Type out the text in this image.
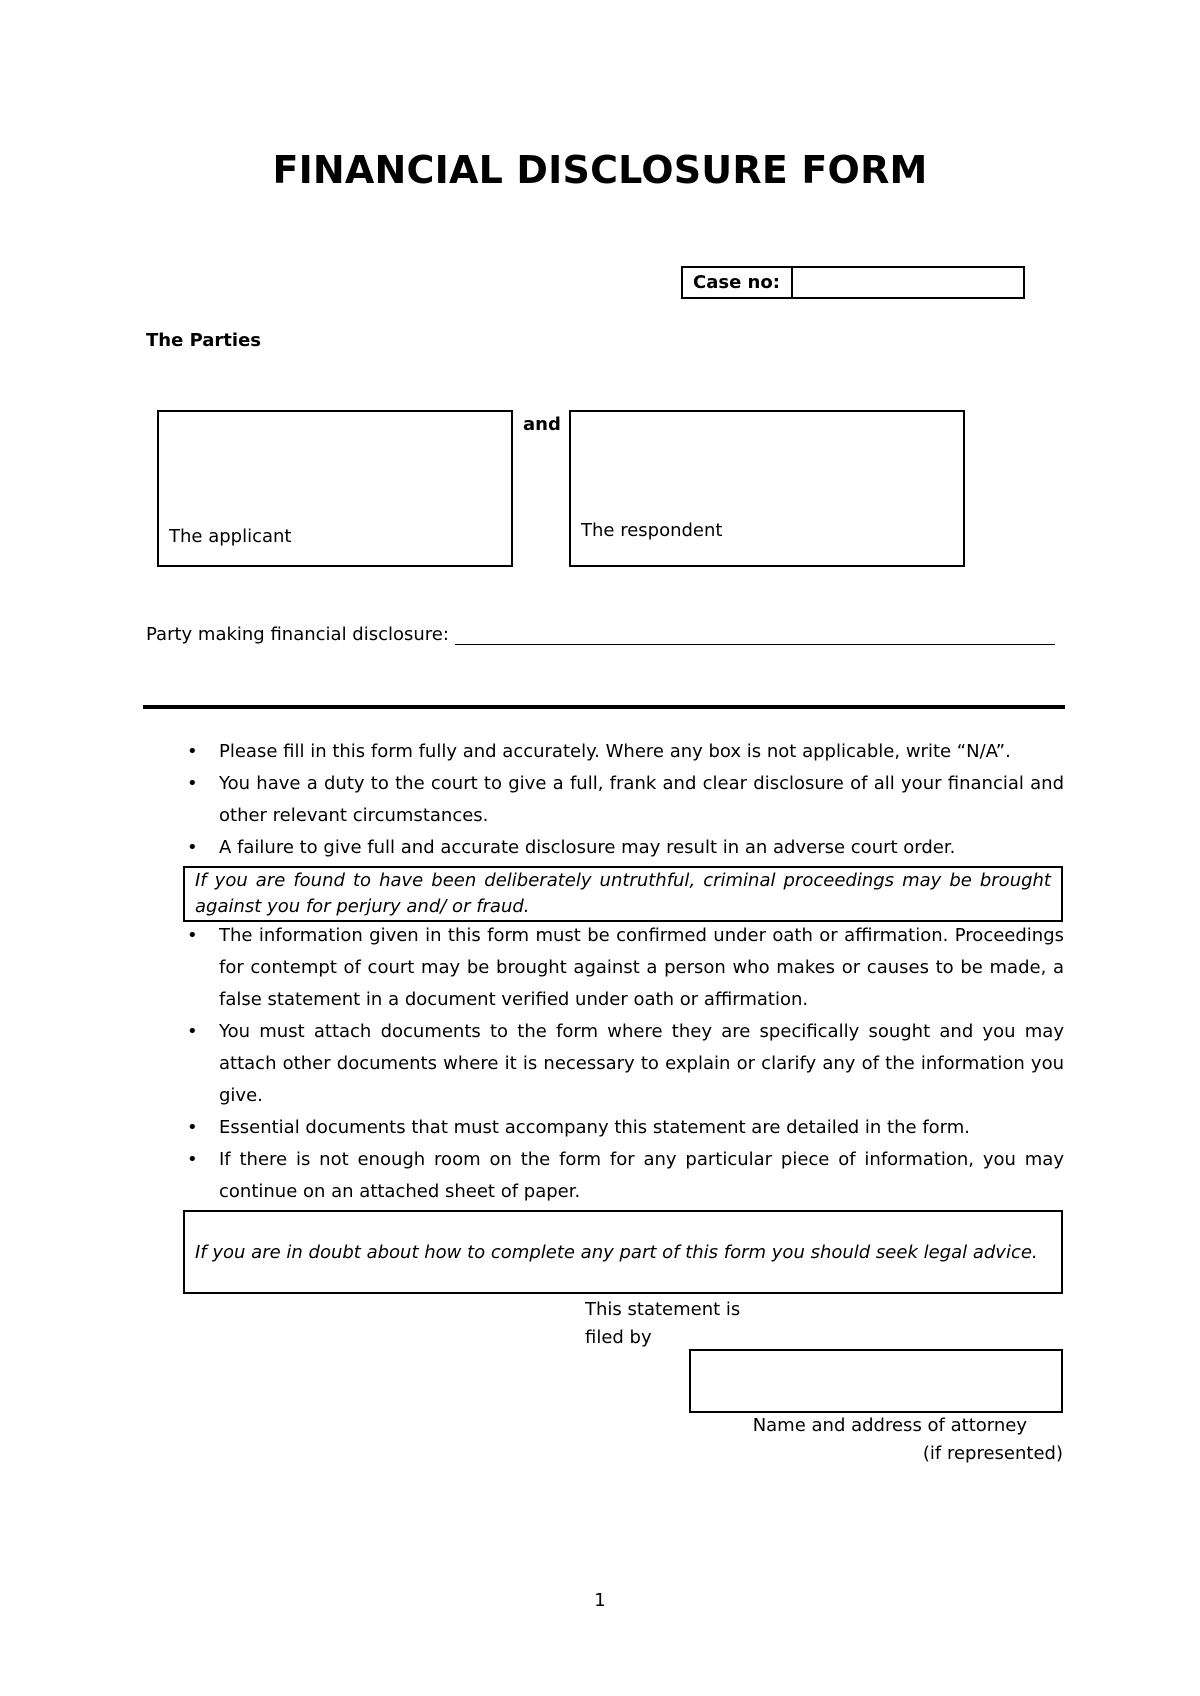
FINANCIAL DISCLOSURE FORM
Case no:
The Parties
The applicant
and
The respondent
Party making financial disclosure:
• Please fill in this form fully and accurately. Where any box is not applicable, write “N/A”.
• You have a duty to the court to give a full, frank and clear disclosure of all your financial and other relevant circumstances.
• A failure to give full and accurate disclosure may result in an adverse court order.
If you are found to have been deliberately untruthful, criminal proceedings may be brought against you for perjury and/ or fraud.
• The information given in this form must be confirmed under oath or affirmation. Proceedings for contempt of court may be brought against a person who makes or causes to be made, a false statement in a document verified under oath or affirmation.
• You must attach documents to the form where they are specifically sought and you may attach other documents where it is necessary to explain or clarify any of the information you give.
• Essential documents that must accompany this statement are detailed in the form.
• If there is not enough room on the form for any particular piece of information, you may continue on an attached sheet of paper.
If you are in doubt about how to complete any part of this form you should seek legal advice.
This statement is filed by
Name and address of attorney
(if represented)
1
